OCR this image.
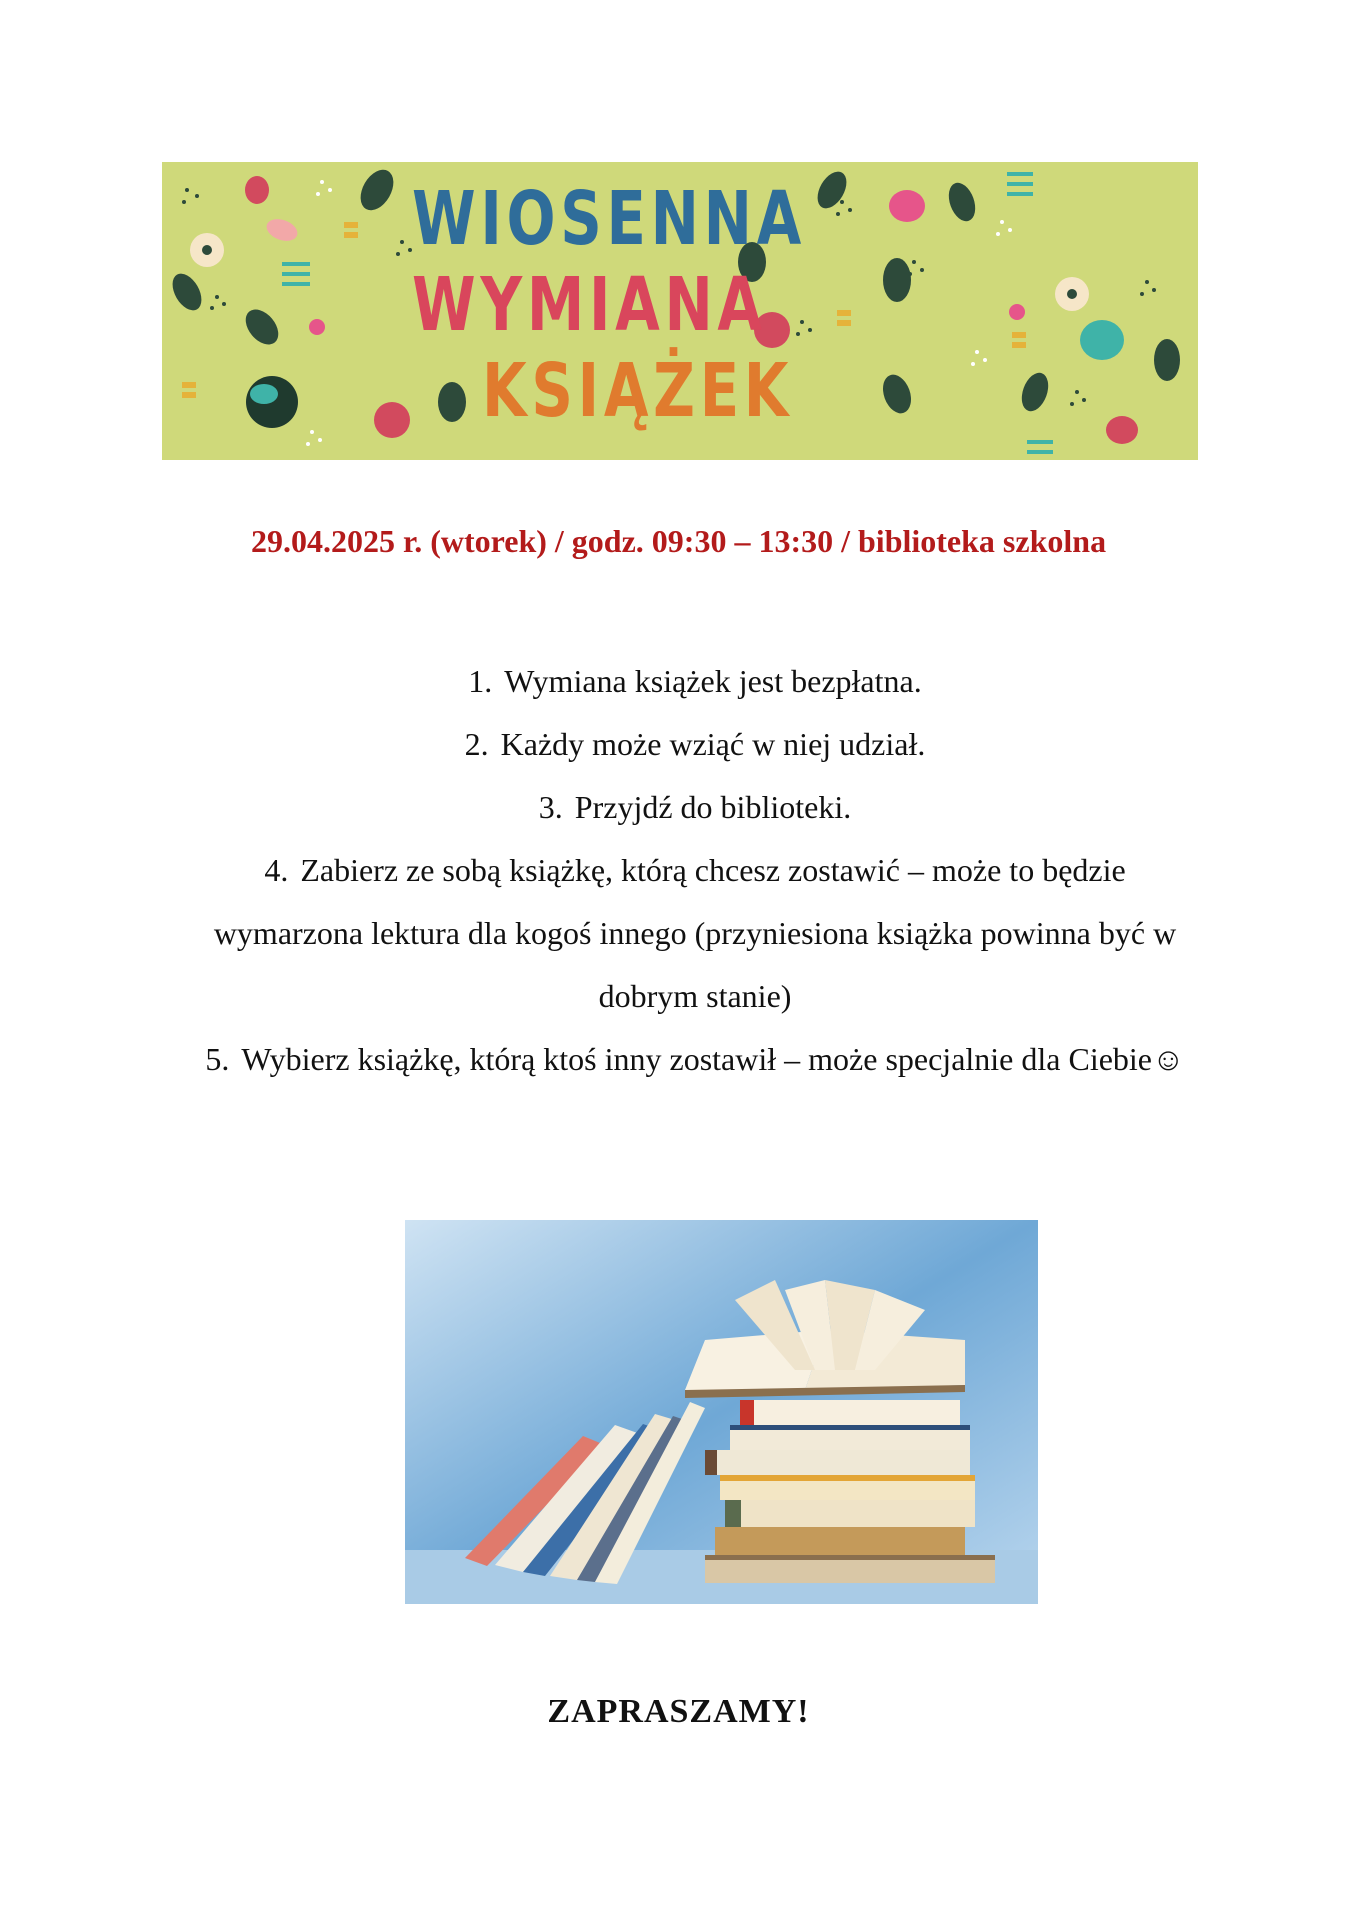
WIOSENNA
WYMIANA
KSIĄŻEK
29.04.2025 r. (wtorek) / godz. 09:30 – 13:30 / biblioteka szkolna
1. Wymiana książek jest bezpłatna.
2. Każdy może wziąć w niej udział.
3. Przyjdź do biblioteki.
4. Zabierz ze sobą książkę, którą chcesz zostawić – może to będzie wymarzona lektura dla kogoś innego (przyniesiona książka powinna być w dobrym stanie)
5. Wybierz książkę, którą ktoś inny zostawił – może specjalnie dla Ciebie☺
ZAPRASZAMY!
